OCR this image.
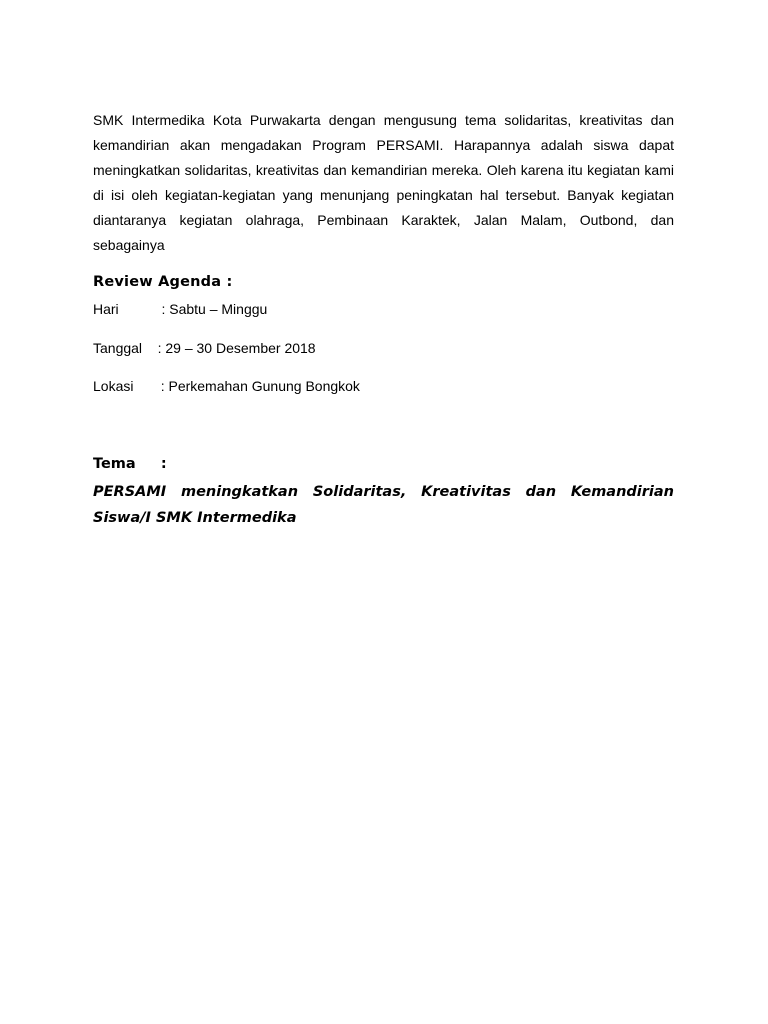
SMK Intermedika Kota Purwakarta dengan mengusung tema solidaritas, kreativitas dan kemandirian akan mengadakan Program PERSAMI. Harapannya adalah siswa dapat meningkatkan solidaritas, kreativitas dan kemandirian mereka. Oleh karena itu kegiatan kami di isi oleh kegiatan-kegiatan yang menunjang peningkatan hal tersebut. Banyak kegiatan diantaranya kegiatan olahraga, Pembinaan Karaktek, Jalan Malam, Outbond, dan sebagainya

Review Agenda :
Hari           : Sabtu – Minggu
Tanggal    : 29 – 30 Desember 2018
Lokasi       : Perkemahan Gunung Bongkok
Tema     :

PERSAMI meningkatkan Solidaritas, Kreativitas dan Kemandirian Siswa/I SMK Intermedika
